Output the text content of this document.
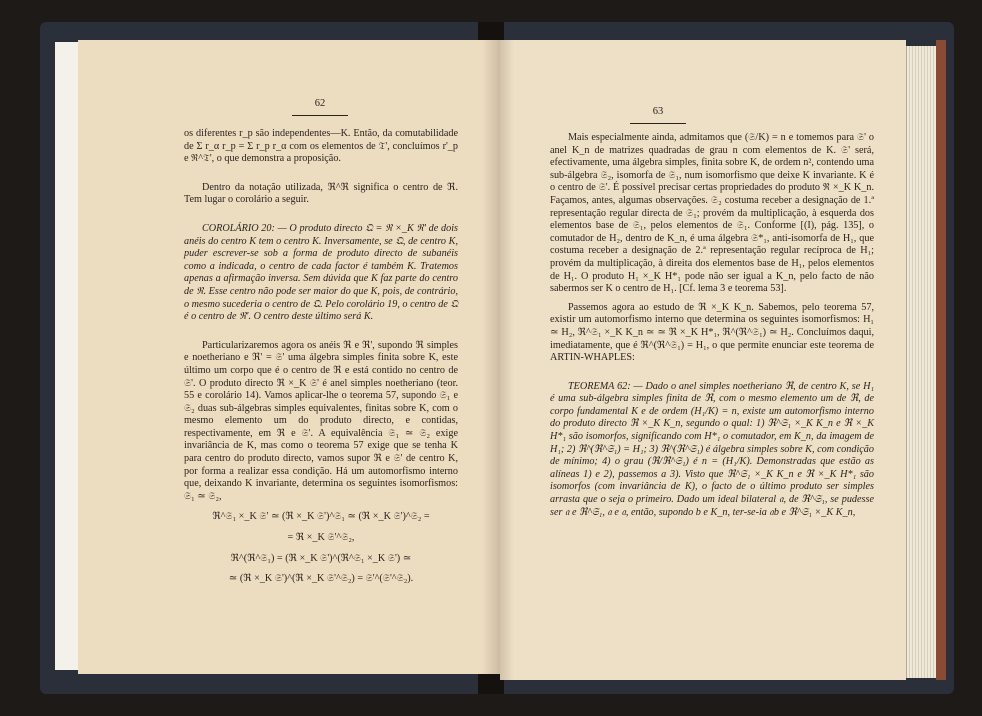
62

os diferentes r_p são independentes—K. Então, da comutabilidade de Σ r_α r_p = Σ r_p r_α com os elementos de 𝔗', concluímos r'_p e ℜ^𝔗', o que demonstra a proposição.

Dentro da notação utilizada, ℜ^ℜ significa o centro de ℜ. Tem lugar o corolário a seguir.

COROLÁRIO 20: — O produto directo 𝔔 = ℜ ×_K ℜ' de dois anéis do centro K tem o centro K. Inversamente, se 𝔔, de centro K, puder escrever-se sob a forma de produto directo de subanéis como a indicada, o centro de cada factor é também K. Tratemos apenas a afirmação inversa. Sem dúvida que K faz parte do centro de ℜ. Esse centro não pode ser maior do que K, pois, de contrário, o mesmo sucederia o centro de 𝔔. Pelo corolário 19, o centro de 𝔔 é o centro de ℜ'. O centro deste último será K.

Particularizaremos agora os anéis ℜ e ℜ', supondo ℜ simples e noetheriano e ℜ' = 𝔖' uma álgebra simples finita sobre K, este último um corpo que é o centro de ℜ e está contido no centro de 𝔖'. O produto directo ℜ ×_K 𝔖' é anel simples noetheriano (teor. 55 e corolário 14). Vamos aplicar-lhe o teorema 57, supondo 𝔖₁ e 𝔖₂ duas sub-álgebras simples equivalentes, finitas sobre K, com o mesmo elemento um do produto directo, e contidas, respectivamente, em ℜ e 𝔖'. A equivalência 𝔖₁ ≃ 𝔖₂ exige invariância de K, mas como o teorema 57 exige que se tenha K para centro do produto directo, vamos supor ℜ e 𝔖' de centro K, por forma a realizar essa condição. Há um automorfismo interno que, deixando K invariante, determina os seguintes isomorfismos: 𝔖₁ ≃ 𝔖₂,

ℜ^𝔖₁ ×_K 𝔖' ≃ (ℜ ×_K 𝔖')^𝔖₁ ≃ (ℜ ×_K 𝔖')^𝔖₂ =
= ℜ ×_K 𝔖'^𝔖₂,
ℜ^(ℜ^𝔖₁) = (ℜ ×_K 𝔖')^(ℜ^𝔖₁ ×_K 𝔖') ≃
≃ (ℜ ×_K 𝔖')^(ℜ ×_K 𝔖'^𝔖₂) = 𝔖'^(𝔖'^𝔖₂).
63

Mais especialmente ainda, admitamos que (𝔖/K) = n e tomemos para 𝔖' o anel K_n de matrizes quadradas de grau n com elementos de K. 𝔖' será, efectivamente, uma álgebra simples, finita sobre K, de ordem n², contendo uma sub-álgebra 𝔖₂, isomorfa de 𝔖₁, num isomorfismo que deixe K invariante. K é o centro de 𝔖'. É possível precisar certas propriedades do produto ℜ ×_K K_n. Façamos, antes, algumas observações. 𝔖₂ costuma receber a designação de 1.ª representação regular directa de 𝔖₁; provém da multiplicação, à esquerda dos elementos base de 𝔖₁, pelos elementos de 𝔖₁. Conforme [(I), pág. 135], o comutador de H₂, dentro de K_n, é uma álgebra 𝔖*₁, anti-isomorfa de H₁, que costuma receber a designação de 2.ª representação regular recíproca de H₁; provém da multiplicação, à direita dos elementos base de H₁, pelos elementos de H₁. O produto H₁ ×_K H*₁ pode não ser igual a K_n, pelo facto de não sabermos ser K o centro de H₁. [Cf. lema 3 e teorema 53].

Passemos agora ao estudo de ℜ ×_K K_n. Sabemos, pelo teorema 57, existir um automorfismo interno que determina os seguintes isomorfismos: H₁ ≃ H₂, ℜ^𝔖₁ ×_K K_n ≃ ≃ ℜ ×_K H*₁, ℜ^(ℜ^𝔖₁) ≃ H₂. Concluímos daqui, imediatamente, que é ℜ^(ℜ^𝔖₁) = H₁, o que permite enunciar este teorema de ARTIN-WHAPLES:

TEOREMA 62: — Dado o anel simples noetheriano ℜ, de centro K, se H₁ é uma sub-álgebra simples finita de ℜ, com o mesmo elemento um de ℜ, de corpo fundamental K e de ordem (H₁/K) = n, existe um automorfismo interno do produto directo ℜ ×_K K_n, segundo o qual: 1) ℜ^𝔖₁ ×_K K_n e ℜ ×_K H*₁ são isomorfos, significando com H*₁ o comutador, em K_n, da imagem de H₁; 2) ℜ^(ℜ^𝔖₁) = H₁; 3) ℜ^(ℜ^𝔖₁) é álgebra simples sobre K, com condição de mínimo; 4) o grau (ℜ/ℜ^𝔖₁) é n = (H₁/K). Demonstradas que estão as alíneas 1) e 2), passemos a 3). Visto que ℜ^𝔖₁ ×_K K_n e ℜ ×_K H*₁ são isomorfos (com invariância de K), o facto de o último produto ser simples arrasta que o seja o primeiro. Dado um ideal bilateral 𝔞, de ℜ^𝔖₁, se pudesse ser 𝔞 e ℜ^𝔖₁, 𝔞 e 𝔞, então, supondo b e K_n, ter-se-ia 𝔞b e ℜ^𝔖₁ ×_K K_n,
